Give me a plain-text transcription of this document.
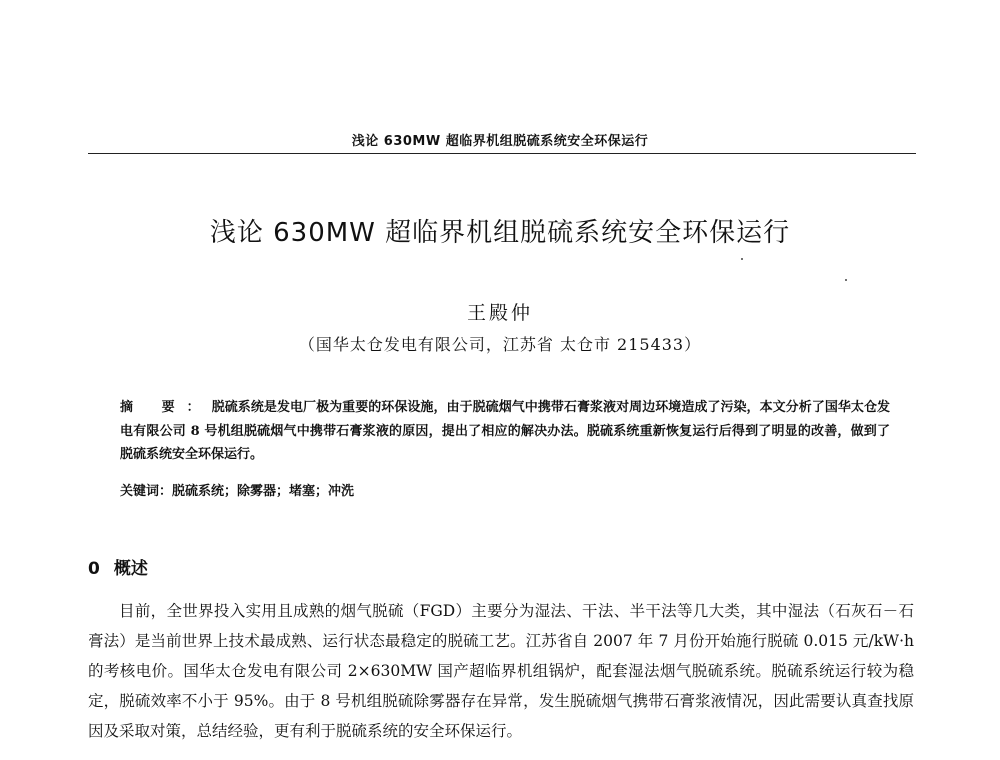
浅论 630MW 超临界机组脱硫系统安全环保运行
浅论 630MW 超临界机组脱硫系统安全环保运行
王殿仲
（国华太仓发电有限公司，江苏省 太仓市 215433）
摘 要：脱硫系统是发电厂极为重要的环保设施，由于脱硫烟气中携带石膏浆液对周边环境造成了污染，本文分析了国华太仓发电有限公司 8 号机组脱硫烟气中携带石膏浆液的原因，提出了相应的解决办法。脱硫系统重新恢复运行后得到了明显的改善，做到了脱硫系统安全环保运行。
关键词：脱硫系统；除雾器；堵塞；冲洗
0 概述
目前，全世界投入实用且成熟的烟气脱硫（FGD）主要分为湿法、干法、半干法等几大类，其中湿法（石灰石－石膏法）是当前世界上技术最成熟、运行状态最稳定的脱硫工艺。江苏省自 2007 年 7 月份开始施行脱硫 0.015 元/kW·h 的考核电价。国华太仓发电有限公司 2×630MW 国产超临界机组锅炉，配套湿法烟气脱硫系统。脱硫系统运行较为稳定，脱硫效率不小于 95%。由于 8 号机组脱硫除雾器存在异常，发生脱硫烟气携带石膏浆液情况，因此需要认真查找原因及采取对策，总结经验，更有利于脱硫系统的安全环保运行。
